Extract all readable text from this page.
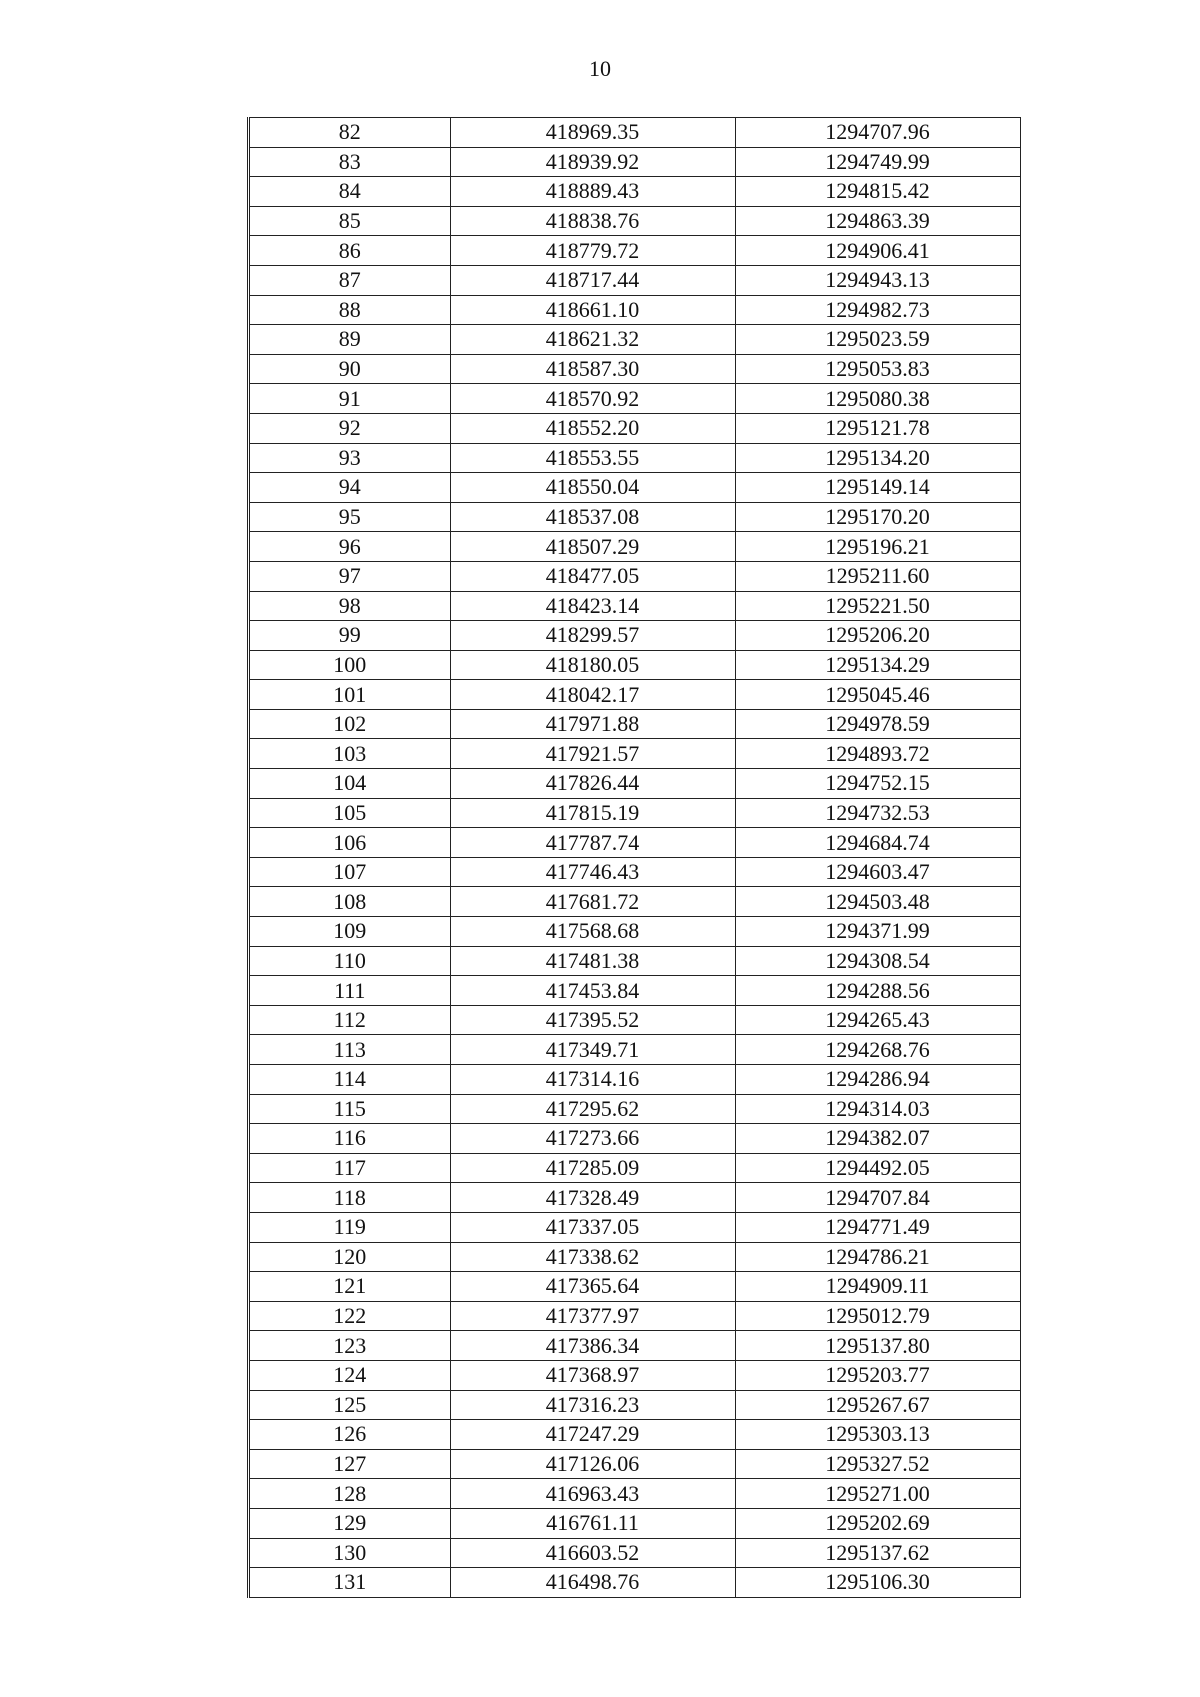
10
82	418969.35	1294707.96
83	418939.92	1294749.99
84	418889.43	1294815.42
85	418838.76	1294863.39
86	418779.72	1294906.41
87	418717.44	1294943.13
88	418661.10	1294982.73
89	418621.32	1295023.59
90	418587.30	1295053.83
91	418570.92	1295080.38
92	418552.20	1295121.78
93	418553.55	1295134.20
94	418550.04	1295149.14
95	418537.08	1295170.20
96	418507.29	1295196.21
97	418477.05	1295211.60
98	418423.14	1295221.50
99	418299.57	1295206.20
100	418180.05	1295134.29
101	418042.17	1295045.46
102	417971.88	1294978.59
103	417921.57	1294893.72
104	417826.44	1294752.15
105	417815.19	1294732.53
106	417787.74	1294684.74
107	417746.43	1294603.47
108	417681.72	1294503.48
109	417568.68	1294371.99
110	417481.38	1294308.54
111	417453.84	1294288.56
112	417395.52	1294265.43
113	417349.71	1294268.76
114	417314.16	1294286.94
115	417295.62	1294314.03
116	417273.66	1294382.07
117	417285.09	1294492.05
118	417328.49	1294707.84
119	417337.05	1294771.49
120	417338.62	1294786.21
121	417365.64	1294909.11
122	417377.97	1295012.79
123	417386.34	1295137.80
124	417368.97	1295203.77
125	417316.23	1295267.67
126	417247.29	1295303.13
127	417126.06	1295327.52
128	416963.43	1295271.00
129	416761.11	1295202.69
130	416603.52	1295137.62
131	416498.76	1295106.30
